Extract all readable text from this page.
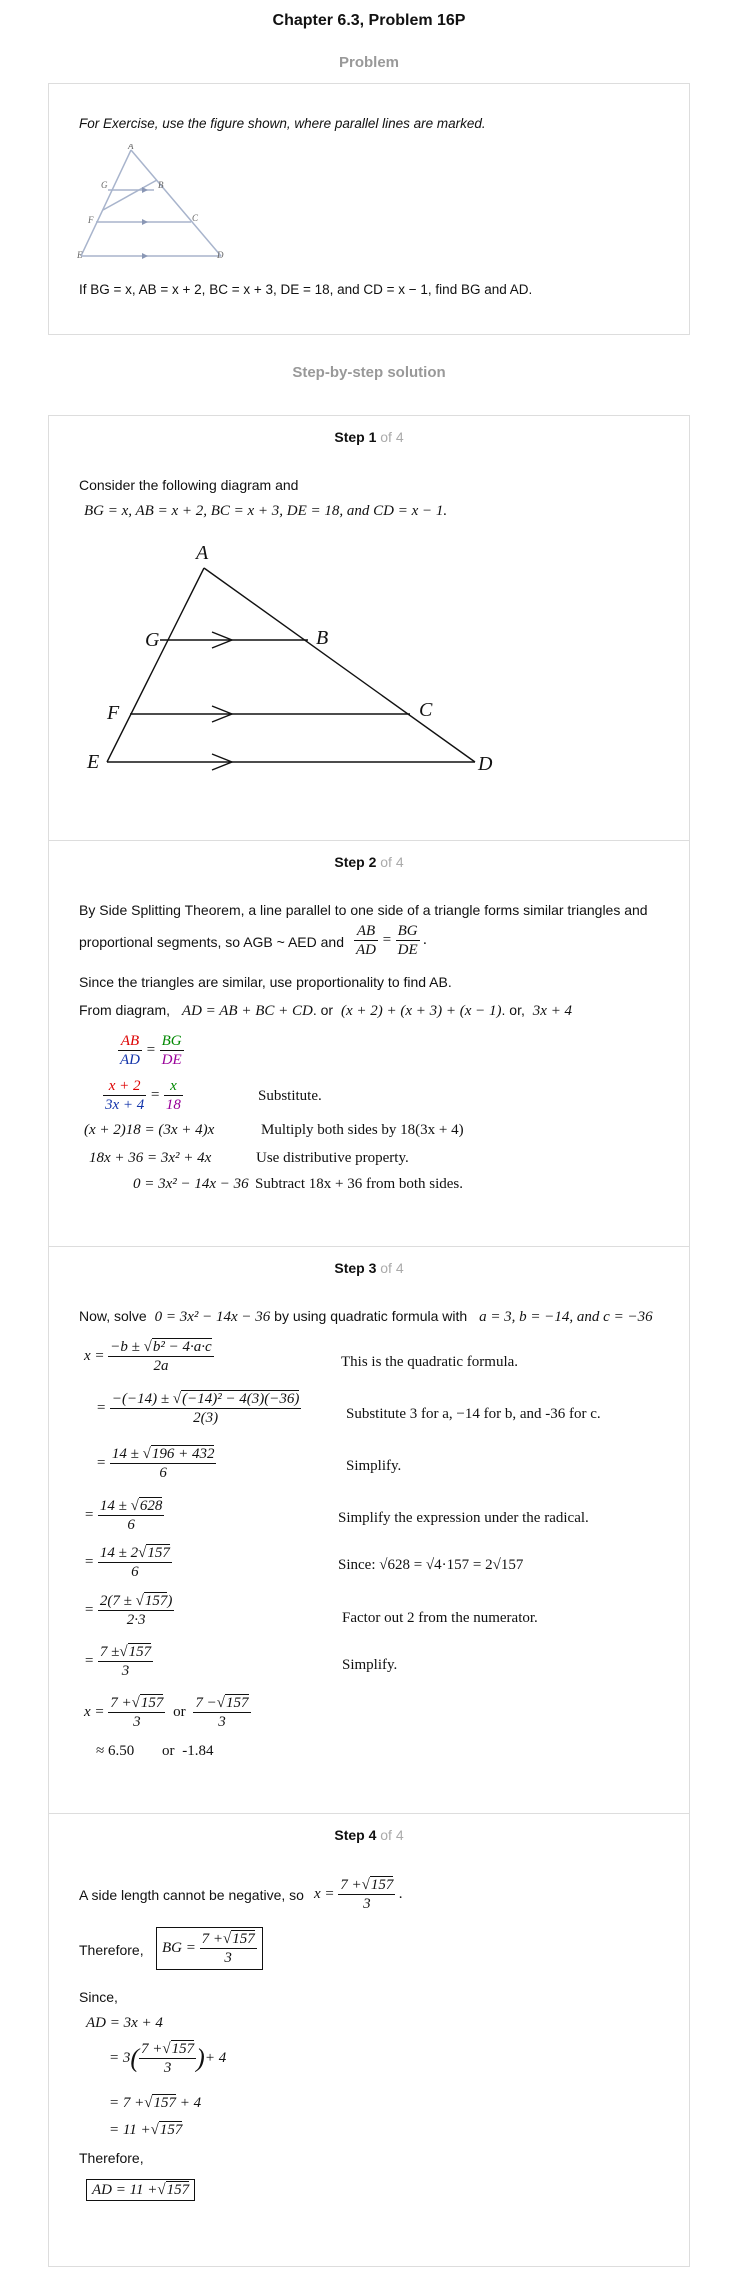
Chapter 6.3, Problem 16P
Problem
For Exercise, use the figure shown, where parallel lines are marked.
A
G	B
F	C
E	D
If BG = x, AB = x + 2, BC = x + 3, DE = 18, and CD = x − 1, find BG and AD.
Step-by-step solution
Step 1 of 4
Consider the following diagram and
BG = x, AB = x + 2, BC = x + 3, DE = 18, and CD = x − 1.
A
G	B
F	C
E	D
Step 2 of 4
By Side Splitting Theorem, a line parallel to one side of a triangle forms similar triangles and
proportional segments, so AGB ~ AED and $\frac{AB}{AD} = \frac{BG}{DE}$ .
Since the triangles are similar, use proportionality to find AB.
From diagram, AD = AB + BC + CD. or (x + 2) + (x + 3) + (x − 1). or, 3x + 4
$\frac{AB}{AD} = \frac{BG}{DE}$
$\frac{x + 2}{3x + 4} = \frac{x}{18}$	Substitute.
(x + 2)18 = (3x + 4)x	Multiply both sides by 18(3x + 4)
18x + 36 = 3x² + 4x	Use distributive property.
0 = 3x² − 14x − 36 Subtract 18x + 36 from both sides.
Step 3 of 4
Now, solve 0 = 3x² − 14x − 36 by using quadratic formula with a = 3, b = −14, and c = −36
$x = \frac{\text{−b ± √b² − 4·a·c}}{2a}$	This is the quadratic formula.
= $\frac{\text{−(−14) ± √(−14)² − 4(3)(−36)}}{2(3)}$	Substitute 3 for a, −14 for b, and -36 for c.
= $\frac{14 \pm √196 + 432}{6}$	Simplify.
= $\frac{14 \pm √628}{6}$	Simplify the expression under the radical.
= $\frac{14 \pm 2√157}{6}$	Since: √628 = √4·157 = 2√157
= $\frac{2(7 \pm √157)}{2\cdot 3}$	Factor out 2 from the numerator.
= $\frac{7 \pm√157}{3}$	Simplify.
$x = \frac{7 +√157}{3}$ or $\frac{7 -√157}{3}$
≈ 6.50 or -1.84
Step 4 of 4
A side length cannot be negative, so $x = \frac{7 +√157}{3}$ .
Therefore,	BG = $\frac{7 +√157}{3}$
Since,
AD = 3x + 4
= $3( \frac{7 +√157}{3}$ )+ 4
= 7 +√157 + 4
= 11 +√157
Therefore,
AD = 11 +√157
